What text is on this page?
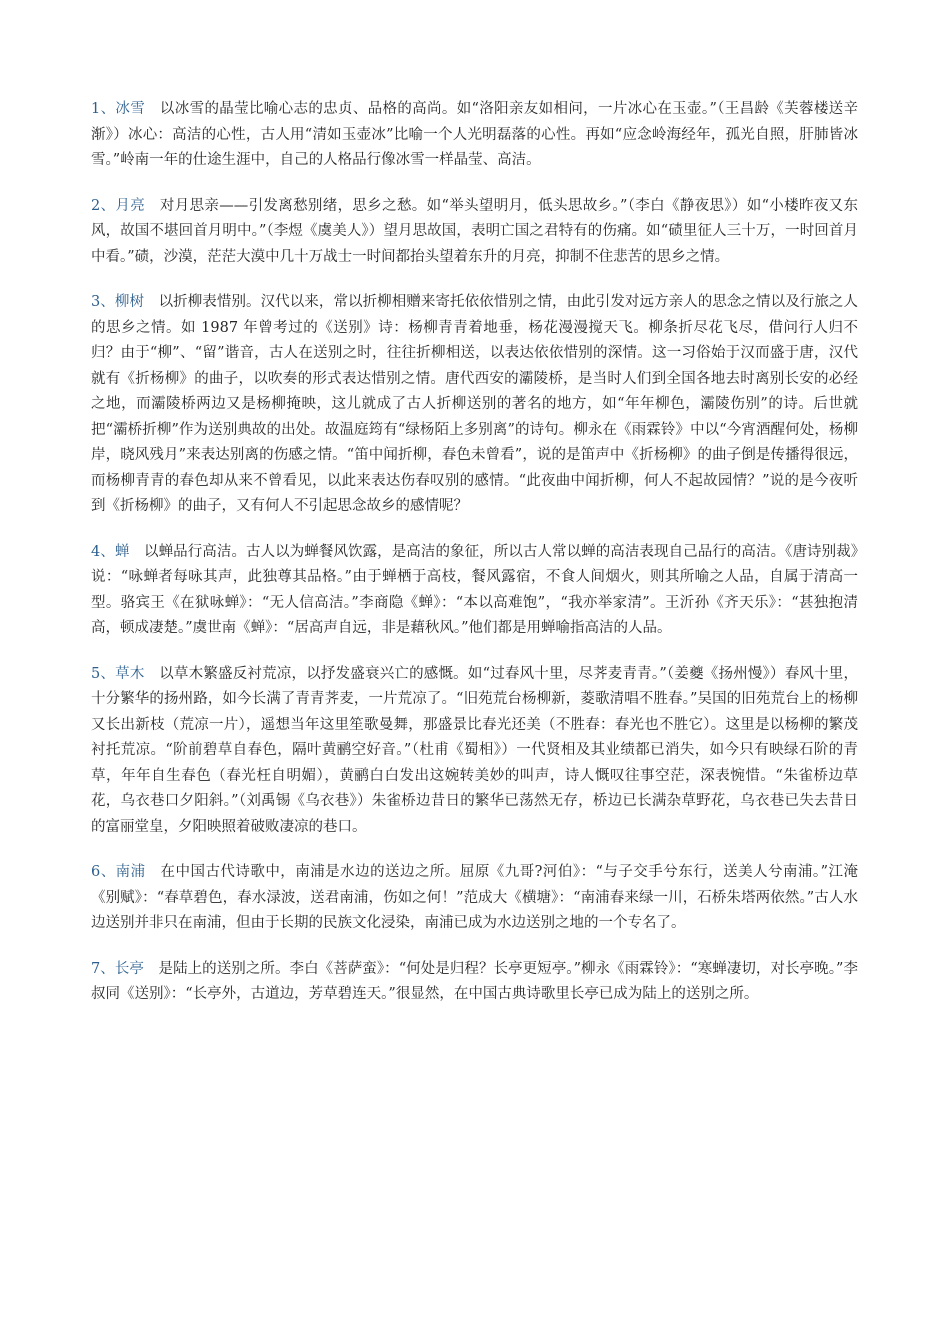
1、冰雪 以冰雪的晶莹比喻心志的忠贞、品格的高尚。如“洛阳亲友如相问，一片冰心在玉壶。”（王昌龄《芙蓉楼送辛渐》）冰心：高洁的心性，古人用“清如玉壶冰”比喻一个人光明磊落的心性。再如“应念岭海经年，孤光自照，肝肺皆冰雪。”岭南一年的仕途生涯中，自己的人格品行像冰雪一样晶莹、高洁。

2、月亮 对月思亲——引发离愁别绪，思乡之愁。如“举头望明月，低头思故乡。”（李白《静夜思》）如“小楼昨夜又东风，故国不堪回首月明中。”（李煜《虞美人》）望月思故国，表明亡国之君特有的伤痛。如“碛里征人三十万，一时回首月中看。”碛，沙漠，茫茫大漠中几十万战士一时间都抬头望着东升的月亮，抑制不住悲苦的思乡之情。

3、柳树 以折柳表惜别。汉代以来，常以折柳相赠来寄托依依惜别之情，由此引发对远方亲人的思念之情以及行旅之人的思乡之情。如 1987 年曾考过的《送别》诗：杨柳青青着地垂，杨花漫漫搅天飞。柳条折尽花飞尽，借问行人归不归？由于“柳”、“留”谐音，古人在送别之时，往往折柳相送，以表达依依惜别的深情。这一习俗始于汉而盛于唐，汉代就有《折杨柳》的曲子，以吹奏的形式表达惜别之情。唐代西安的灞陵桥，是当时人们到全国各地去时离别长安的必经之地，而灞陵桥两边又是杨柳掩映，这儿就成了古人折柳送别的著名的地方，如“年年柳色，灞陵伤别”的诗。后世就把“灞桥折柳”作为送别典故的出处。故温庭筠有“绿杨陌上多别离”的诗句。柳永在《雨霖铃》中以“今宵酒醒何处，杨柳岸，晓风残月”来表达别离的伤感之情。“笛中闻折柳，春色未曾看”，说的是笛声中《折杨柳》的曲子倒是传播得很远，而杨柳青青的春色却从来不曾看见，以此来表达伤春叹别的感情。“此夜曲中闻折柳，何人不起故园情？”说的是今夜听到《折杨柳》的曲子，又有何人不引起思念故乡的感情呢？

4、蝉 以蝉品行高洁。古人以为蝉餐风饮露，是高洁的象征，所以古人常以蝉的高洁表现自己品行的高洁。《唐诗别裁》说：“咏蝉者每咏其声，此独尊其品格。”由于蝉栖于高枝，餐风露宿，不食人间烟火，则其所喻之人品，自属于清高一型。骆宾王《在狱咏蝉》：“无人信高洁。”李商隐《蝉》：“本以高难饱”，“我亦举家清”。王沂孙《齐天乐》：“甚独抱清高，顿成凄楚。”虞世南《蝉》：“居高声自远，非是藉秋风。”他们都是用蝉喻指高洁的人品。

5、草木 以草木繁盛反衬荒凉，以抒发盛衰兴亡的感慨。如“过春风十里，尽荠麦青青。”（姜夔《扬州慢》）春风十里，十分繁华的扬州路，如今长满了青青荠麦，一片荒凉了。“旧苑荒台杨柳新，菱歌清唱不胜春。”吴国的旧苑荒台上的杨柳又长出新枝（荒凉一片），遥想当年这里笙歌曼舞，那盛景比春光还美（不胜春：春光也不胜它）。这里是以杨柳的繁茂衬托荒凉。“阶前碧草自春色，隔叶黄鹂空好音。”（杜甫《蜀相》）一代贤相及其业绩都已消失，如今只有映绿石阶的青草，年年自生春色（春光枉自明媚），黄鹂白白发出这婉转美妙的叫声，诗人慨叹往事空茫，深表惋惜。“朱雀桥边草花，乌衣巷口夕阳斜。”（刘禹锡《乌衣巷》）朱雀桥边昔日的繁华已荡然无存，桥边已长满杂草野花，乌衣巷已失去昔日的富丽堂皇，夕阳映照着破败凄凉的巷口。

6、南浦 在中国古代诗歌中，南浦是水边的送边之所。屈原《九哥?河伯》：“与子交手兮东行，送美人兮南浦。”江淹《别赋》：“春草碧色，春水渌波，送君南浦，伤如之何！”范成大《横塘》：“南浦春来绿一川，石桥朱塔两依然。”古人水边送别并非只在南浦，但由于长期的民族文化浸染，南浦已成为水边送别之地的一个专名了。

7、长亭 是陆上的送别之所。李白《菩萨蛮》：“何处是归程？长亭更短亭。”柳永《雨霖铃》：“寒蝉凄切，对长亭晚。”李叔同《送别》：“长亭外，古道边，芳草碧连天。”很显然，在中国古典诗歌里长亭已成为陆上的送别之所。
